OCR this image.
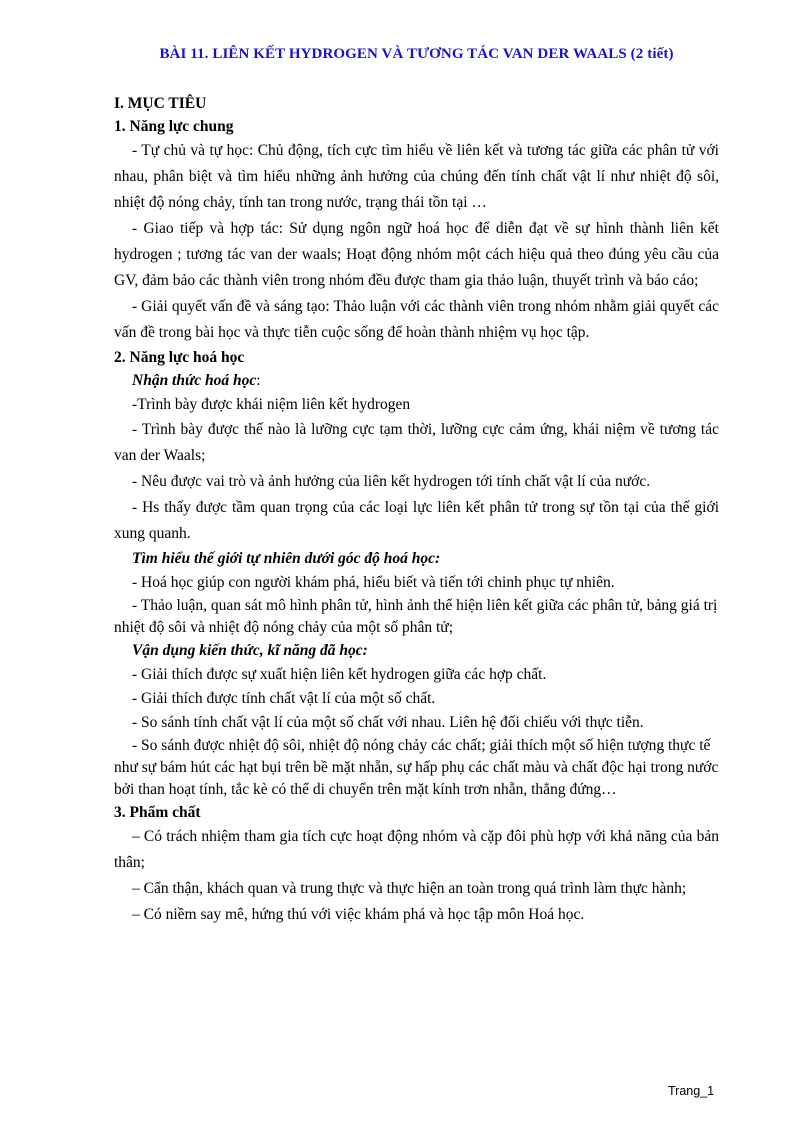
BÀI 11. LIÊN KẾT HYDROGEN VÀ TƯƠNG TÁC VAN DER WAALS (2 tiết)

I. MỤC TIÊU

1. Năng lực chung

- Tự chủ và tự học: Chủ động, tích cực tìm hiểu về liên kết và tương tác giữa các phân tử với nhau, phân biệt và tìm hiểu những ảnh hưởng của chúng đến tính chất vật lí như nhiệt độ sôi, nhiệt độ nóng chảy, tính tan trong nước, trạng thái tồn tại …

- Giao tiếp và hợp tác: Sử dụng ngôn ngữ hoá học để diễn đạt về sự hình thành liên kết hydrogen ; tương tác van der waals; Hoạt động nhóm một cách hiệu quả theo đúng yêu cầu của GV, đảm bảo các thành viên trong nhóm đều được tham gia thảo luận, thuyết trình và báo cáo;

- Giải quyết vấn đề và sáng tạo: Thảo luận với các thành viên trong nhóm nhằm giải quyết các vấn đề trong bài học và thực tiễn cuộc sống để hoàn thành nhiệm vụ học tập.

2. Năng lực hoá học

Nhận thức hoá học:

-Trình bày được khái niệm liên kết hydrogen

- Trình bày được thế nào là lưỡng cực tạm thời, lưỡng cực cảm ứng, khái niệm về tương tác van der Waals;

- Nêu được vai trò và ảnh hưởng của liên kết hydrogen tới tính chất vật lí của nước.

- Hs thấy được tầm quan trọng của các loại lực liên kết phân tử trong sự tồn tại của thế giới xung quanh.

Tìm hiểu thế giới tự nhiên dưới góc độ hoá học:

- Hoá học giúp con người khám phá, hiểu biết và tiến tới chinh phục tự nhiên.

- Thảo luận, quan sát mô hình phân tử, hình ảnh thể hiện liên kết giữa các phân tử, bảng giá trị nhiệt độ sôi và nhiệt độ nóng chảy của một số phân tử;

Vận dụng kiến thức, kĩ năng đã học:

- Giải thích được sự xuất hiện liên kết hydrogen giữa các hợp chất.

- Giải thích được tính chất vật lí của một số chất.

- So sánh tính chất vật lí của một số chất với nhau. Liên hệ đối chiếu với thực tiễn.

- So sánh được nhiệt độ sôi, nhiệt độ nóng chảy các chất; giải thích một số hiện tượng thực tế như sự bám hút các hạt bụi trên bề mặt nhẵn, sự hấp phụ các chất màu và chất độc hại trong nước bởi than hoạt tính, tắc kè có thể di chuyển trên mặt kính trơn nhẵn, thẳng đứng…

3. Phẩm chất

– Có trách nhiệm tham gia tích cực hoạt động nhóm và cặp đôi phù hợp với khả năng của bản thân;

– Cẩn thận, khách quan và trung thực và thực hiện an toàn trong quá trình làm thực hành;

– Có niềm say mê, hứng thú với việc khám phá và học tập môn Hoá học.

Trang_1
